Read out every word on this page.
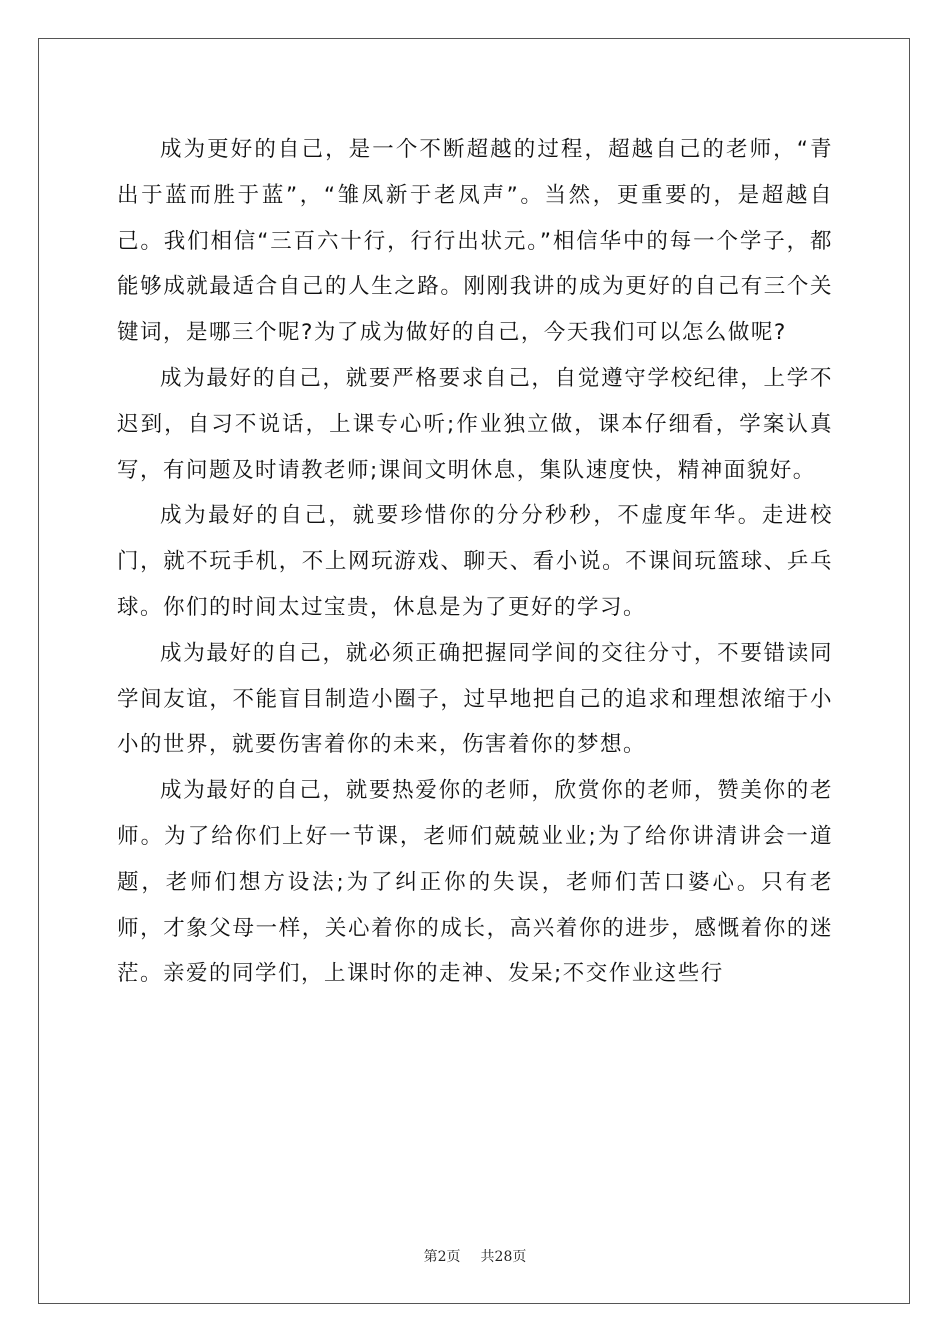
成为更好的自己，是一个不断超越的过程，超越自己的老师，“青出于蓝而胜于蓝”，“雏凤新于老凤声”。当然，更重要的，是超越自己。我们相信“三百六十行，行行出状元。”相信华中的每一个学子，都能够成就最适合自己的人生之路。刚刚我讲的成为更好的自己有三个关键词，是哪三个呢?为了成为做好的自己，今天我们可以怎么做呢?

成为最好的自己，就要严格要求自己，自觉遵守学校纪律，上学不迟到，自习不说话，上课专心听;作业独立做，课本仔细看，学案认真写，有问题及时请教老师;课间文明休息，集队速度快，精神面貌好。

成为最好的自己，就要珍惜你的分分秒秒，不虚度年华。走进校门，就不玩手机，不上网玩游戏、聊天、看小说。不课间玩篮球、乒乓球。你们的时间太过宝贵，休息是为了更好的学习。

成为最好的自己，就必须正确把握同学间的交往分寸，不要错读同学间友谊，不能盲目制造小圈子，过早地把自己的追求和理想浓缩于小小的世界，就要伤害着你的未来，伤害着你的梦想。

成为最好的自己，就要热爱你的老师，欣赏你的老师，赞美你的老师。为了给你们上好一节课，老师们兢兢业业;为了给你讲清讲会一道题，老师们想方设法;为了纠正你的失误，老师们苦口婆心。只有老师，才象父母一样，关心着你的成长，高兴着你的进步，感慨着你的迷茫。亲爱的同学们，上课时你的走神、发呆;不交作业这些行

第2页 共28页
